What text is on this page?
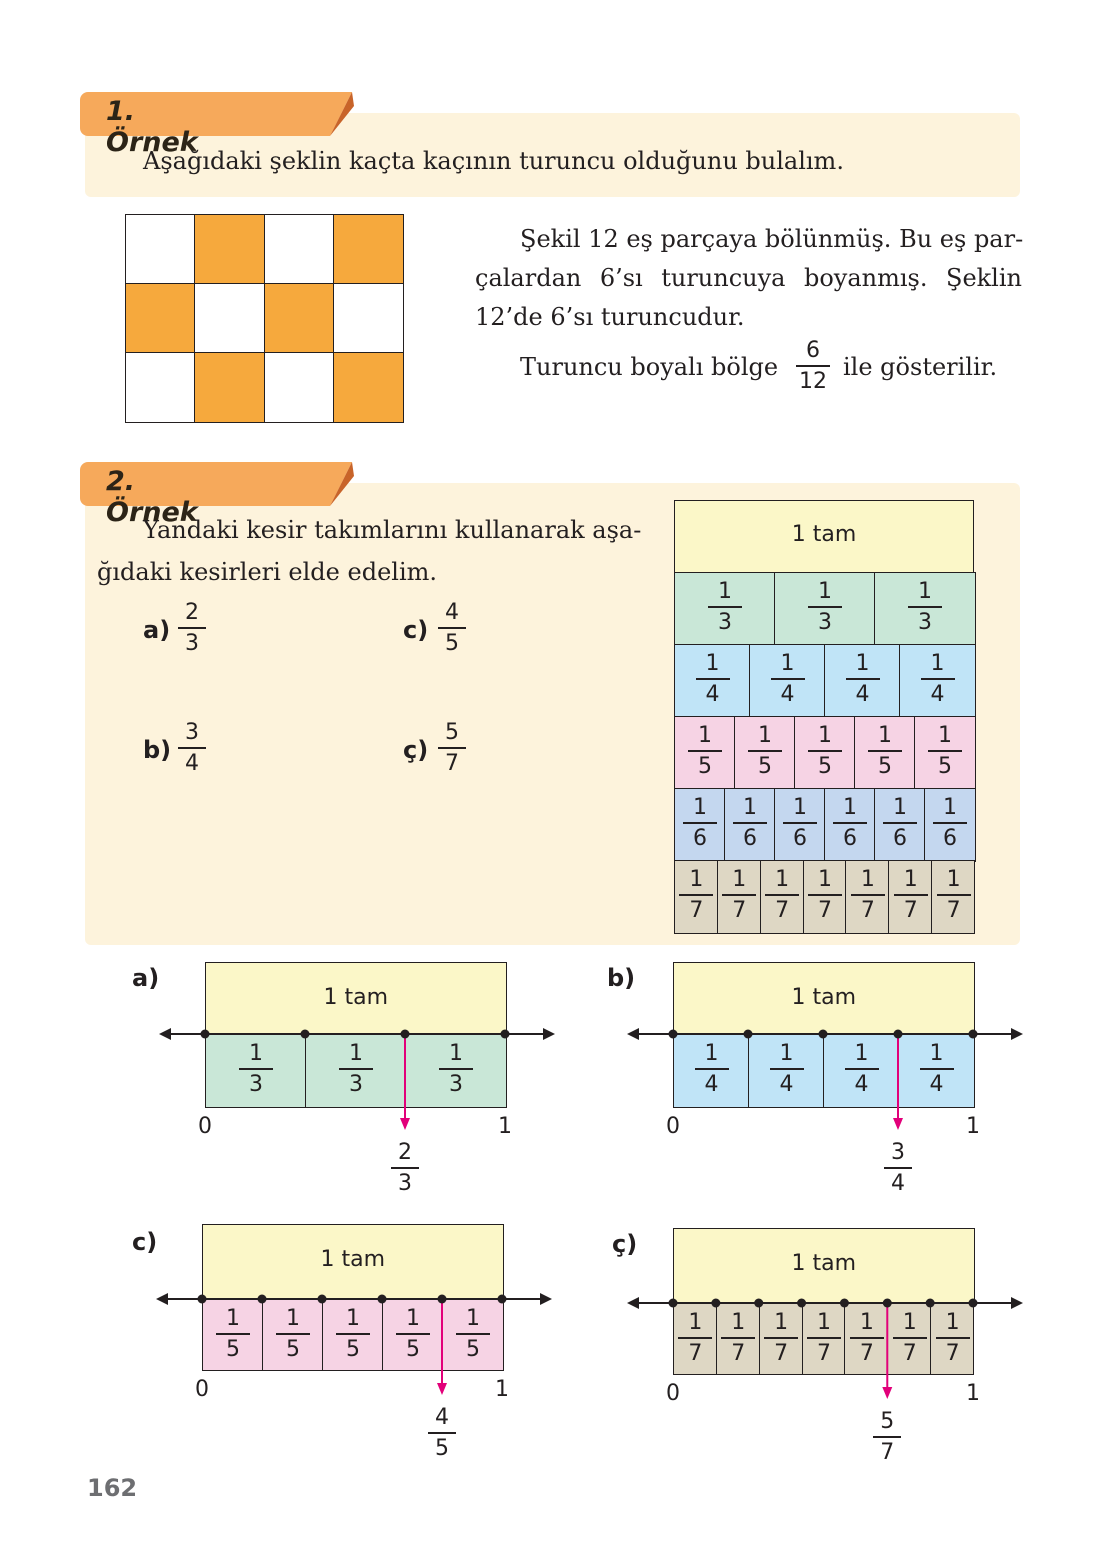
1. Örnek
Aşağıdaki şeklin kaçta kaçının turuncu olduğunu bulalım.
Şekil 12 eş parçaya bölünmüş. Bu eş par-
çalardan 6’sı turuncuya boyanmış. Şeklin
12’de 6’sı turuncudur.
Turuncu boyalı bölge
6
12
ile gösterilir.
2. Örnek
Yandaki kesir takımlarını kullanarak aşa-
ğıdaki kesirleri elde edelim.
a)
2
3	c)
4
5
b)
3
4	ç)
5
7
1 tam
1
3
1
3
1
3
1
4
1
4
1
4
1
4
1
5
1
5
1
5
1
5
1
5
1
6
1
6
1
6
1
6
1
6
1
6
1
7
1
7
1
7
1
7
1
7
1
7
1
7
a)	b)
c)	ç)
1 tam
1
3
1
3
1
3
0	1
2
3
1 tam
1
4
1
4
1
4
1
4
0	1
3
4
1 tam
1
5
1
5
1
5
1
5
1
5
0	1
4
5
1 tam
1
7
1
7
1
7
1
7
1
7
1
7
1
7
0	1
5
7
162
